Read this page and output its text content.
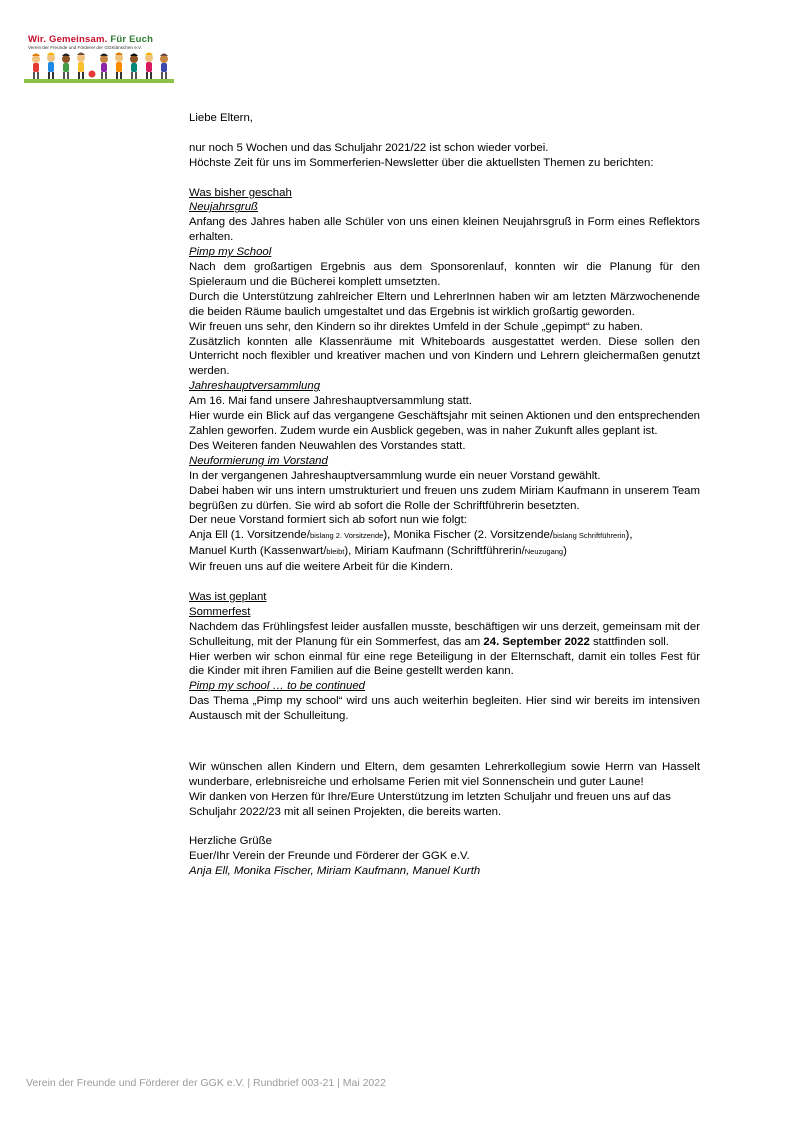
Wir. Gemeinsam. Für Euch
Verein der Freunde und Förderer der GGKlänschen e.V.

Liebe Eltern,

nur noch 5 Wochen und das Schuljahr 2021/22 ist schon wieder vorbei.

Höchste Zeit für uns im Sommerferien-Newsletter über die aktuellsten Themen zu berichten:

Was bisher geschah

Neujahrsgruß

Anfang des Jahres haben alle Schüler von uns einen kleinen Neujahrsgruß in Form eines Reflektors erhalten.

Pimp my School

Nach dem großartigen Ergebnis aus dem Sponsorenlauf, konnten wir die Planung für den Spieleraum und die Bücherei komplett umsetzten.

Durch die Unterstützung zahlreicher Eltern und LehrerInnen haben wir am letzten Märzwochenende die beiden Räume baulich umgestaltet und das Ergebnis ist wirklich großartig geworden.

Wir freuen uns sehr, den Kindern so ihr direktes Umfeld in der Schule „gepimpt“ zu haben.

Zusätzlich konnten alle Klassenräume mit Whiteboards ausgestattet werden. Diese sollen den Unterricht noch flexibler und kreativer machen und von Kindern und Lehrern gleichermaßen genutzt werden.

Jahreshauptversammlung

Am 16. Mai fand unsere Jahreshauptversammlung statt.

Hier wurde ein Blick auf das vergangene Geschäftsjahr mit seinen Aktionen und den entsprechenden Zahlen geworfen. Zudem wurde ein Ausblick gegeben, was in naher Zukunft alles geplant ist.

Des Weiteren fanden Neuwahlen des Vorstandes statt.

Neuformierung im Vorstand

In der vergangenen Jahreshauptversammlung wurde ein neuer Vorstand gewählt.

Dabei haben wir uns intern umstrukturiert und freuen uns zudem Miriam Kaufmann in unserem Team begrüßen zu dürfen. Sie wird ab sofort die Rolle der Schriftführerin besetzten.

Der neue Vorstand formiert sich ab sofort nun wie folgt:

Anja Ell (1. Vorsitzende/bislang 2. Vorsitzende), Monika Fischer (2. Vorsitzende/bislang Schriftführerin),
Manuel Kurth (Kassenwart/bleibt), Miriam Kaufmann (Schriftführerin/Neuzugang)

Wir freuen uns auf die weitere Arbeit für die Kindern.

Was ist geplant

Sommerfest

Nachdem das Frühlingsfest leider ausfallen musste, beschäftigen wir uns derzeit, gemeinsam mit der Schulleitung, mit der Planung für ein Sommerfest, das am 24. September 2022 stattfinden soll.

Hier werben wir schon einmal für eine rege Beteiligung in der Elternschaft, damit ein tolles Fest für die Kinder mit ihren Familien auf die Beine gestellt werden kann.

Pimp my school … to be continued

Das Thema „Pimp my school“ wird uns auch weiterhin begleiten. Hier sind wir bereits im intensiven Austausch mit der Schulleitung.

Wir wünschen allen Kindern und Eltern, dem gesamten Lehrerkollegium sowie Herrn van Hasselt wunderbare, erlebnisreiche und erholsame Ferien mit viel Sonnenschein und guter Laune!

Wir danken von Herzen für Ihre/Eure Unterstützung im letzten Schuljahr und freuen uns auf das Schuljahr 2022/23 mit all seinen Projekten, die bereits warten.

Herzliche Grüße

Euer/Ihr Verein der Freunde und Förderer der GGK e.V.

Anja Ell, Monika Fischer, Miriam Kaufmann, Manuel Kurth

Verein der Freunde und Förderer der GGK e.V. | Rundbrief 003-21 | Mai 2022
